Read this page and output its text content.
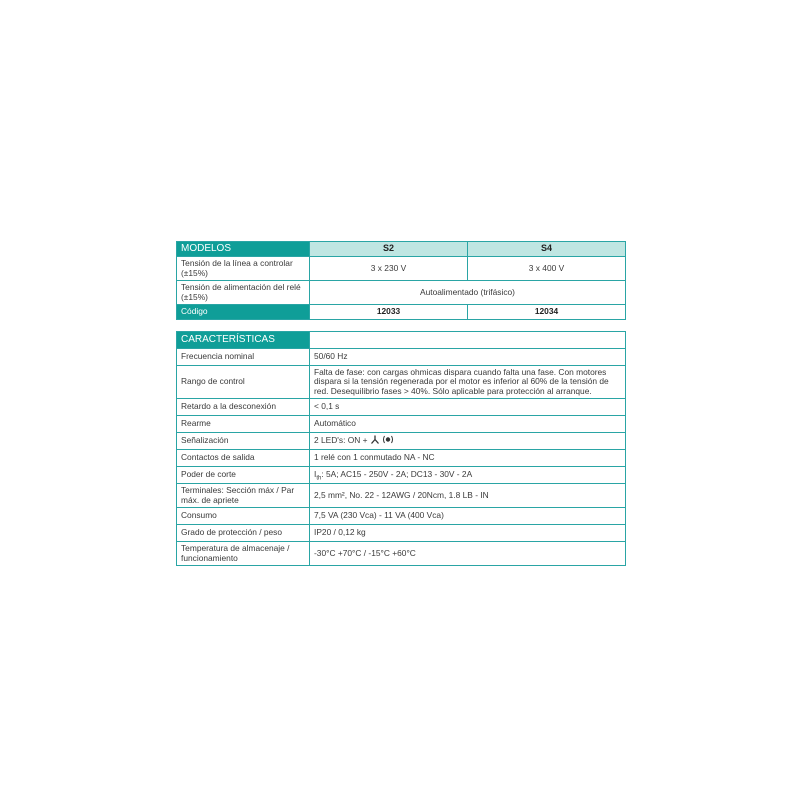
MODELOS	S2	S4
Tensión de la línea a controlar (±15%)	3 x 230 V	3 x 400 V
Tensión de alimentación del relé (±15%)	Autoalimentado (trifásico)	
Código	12033	12034
CARACTERÍSTICAS	
Frecuencia nominal	50/60 Hz
Rango de control	Falta de fase: con cargas ohmicas dispara cuando falta una fase. Con motores dispara si la tensión regenerada por el motor es inferior al 60% de la tensión de red. Desequilibrio fases > 40%. Sólo aplicable para protección al arranque.
Retardo a la desconexión	< 0,1 s
Rearme	Automático
Señalización	2 LED's: ON +
Contactos de salida	1 relé con 1 conmutado NA - NC
Poder de corte	$I_{th}$: 5A; AC15 - 250V - 2A; DC13 - 30V - 2A
Terminales: Sección máx / Par máx. de apriete	2,5 mm², No. 22 - 12AWG / 20Ncm, 1.8 LB - IN
Consumo	7,5 VA (230 Vca) - 11 VA (400 Vca)
Grado de protección / peso	IP20 / 0,12 kg
Temperatura de almacenaje / funcionamiento	-30°C +70°C / -15°C +60°C
